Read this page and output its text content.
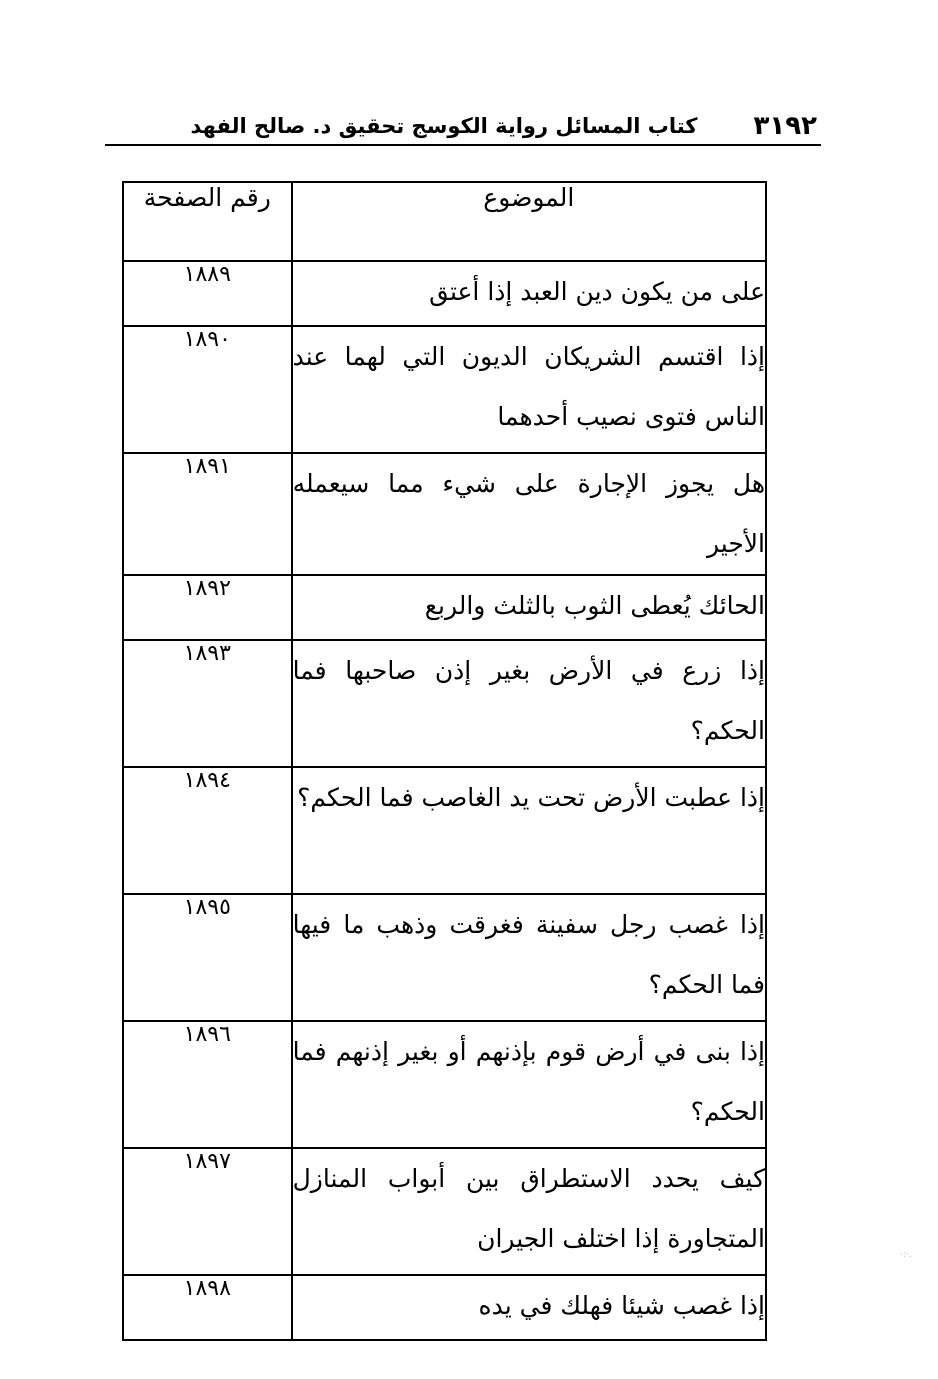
٣١٩٢
كتاب المسائل رواية الكوسج تحقيق د. صالح الفهد
الموضوع	رقم الصفحة
على من يكون دين العبد إذا أعتق	١٨٨٩
إذا اقتسم الشريكان الديون التي لهما عند الناس فتوى نصيب أحدهما	١٨٩٠
هل يجوز الإجارة على شيء مما سيعمله الأجير	١٨٩١
الحائك يُعطى الثوب بالثلث والربع	١٨٩٢
إذا زرع في الأرض بغير إذن صاحبها فما الحكم؟	١٨٩٣
إذا عطبت الأرض تحت يد الغاصب فما الحكم؟	١٨٩٤
إذا غصب رجل سفينة فغرقت وذهب ما فيها فما الحكم؟	١٨٩٥
إذا بنى في أرض قوم بإذنهم أو بغير إذنهم فما الحكم؟	١٨٩٦
كيف يحدد الاستطراق بين أبواب المنازل المتجاورة إذا اختلف الجيران	١٨٩٧
إذا غصب شيئا فهلك في يده	١٨٩٨
·:·.
